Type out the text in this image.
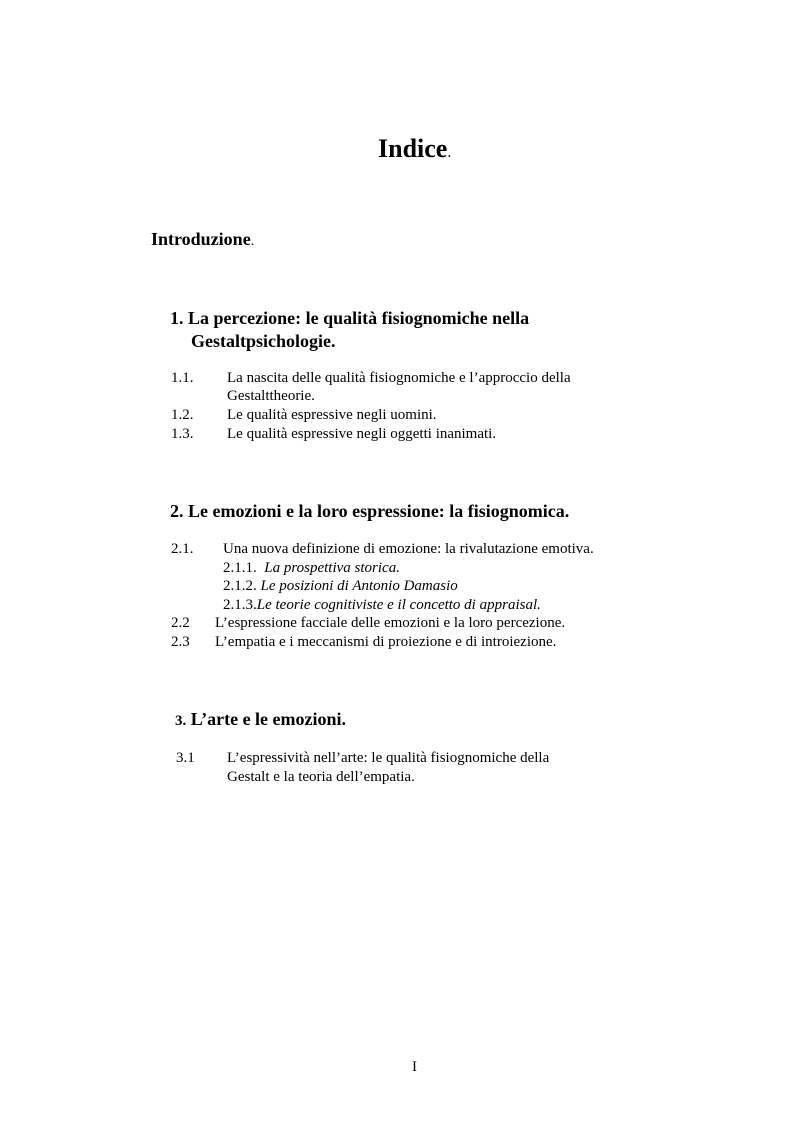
Indice.
Introduzione.
1. La percezione: le qualità fisiognomiche nella
Gestaltpsichologie.
1.1. La nascita delle qualità fisiognomiche e l’approccio della
Gestalttheorie.
1.2. Le qualità espressive negli uomini.
1.3. Le qualità espressive negli oggetti inanimati.
2. Le emozioni e la loro espressione: la fisiognomica.
2.1. Una nuova definizione di emozione: la rivalutazione emotiva.
2.1.1. La prospettiva storica.
2.1.2. Le posizioni di Antonio Damasio
2.1.3.Le teorie cognitiviste e il concetto di appraisal.
2.2 L’espressione facciale delle emozioni e la loro percezione.
2.3 L’empatia e i meccanismi di proiezione e di introiezione.
3. L’arte e le emozioni.
3.1 L’espressività nell’arte: le qualità fisiognomiche della
Gestalt e la teoria dell’empatia.
I
